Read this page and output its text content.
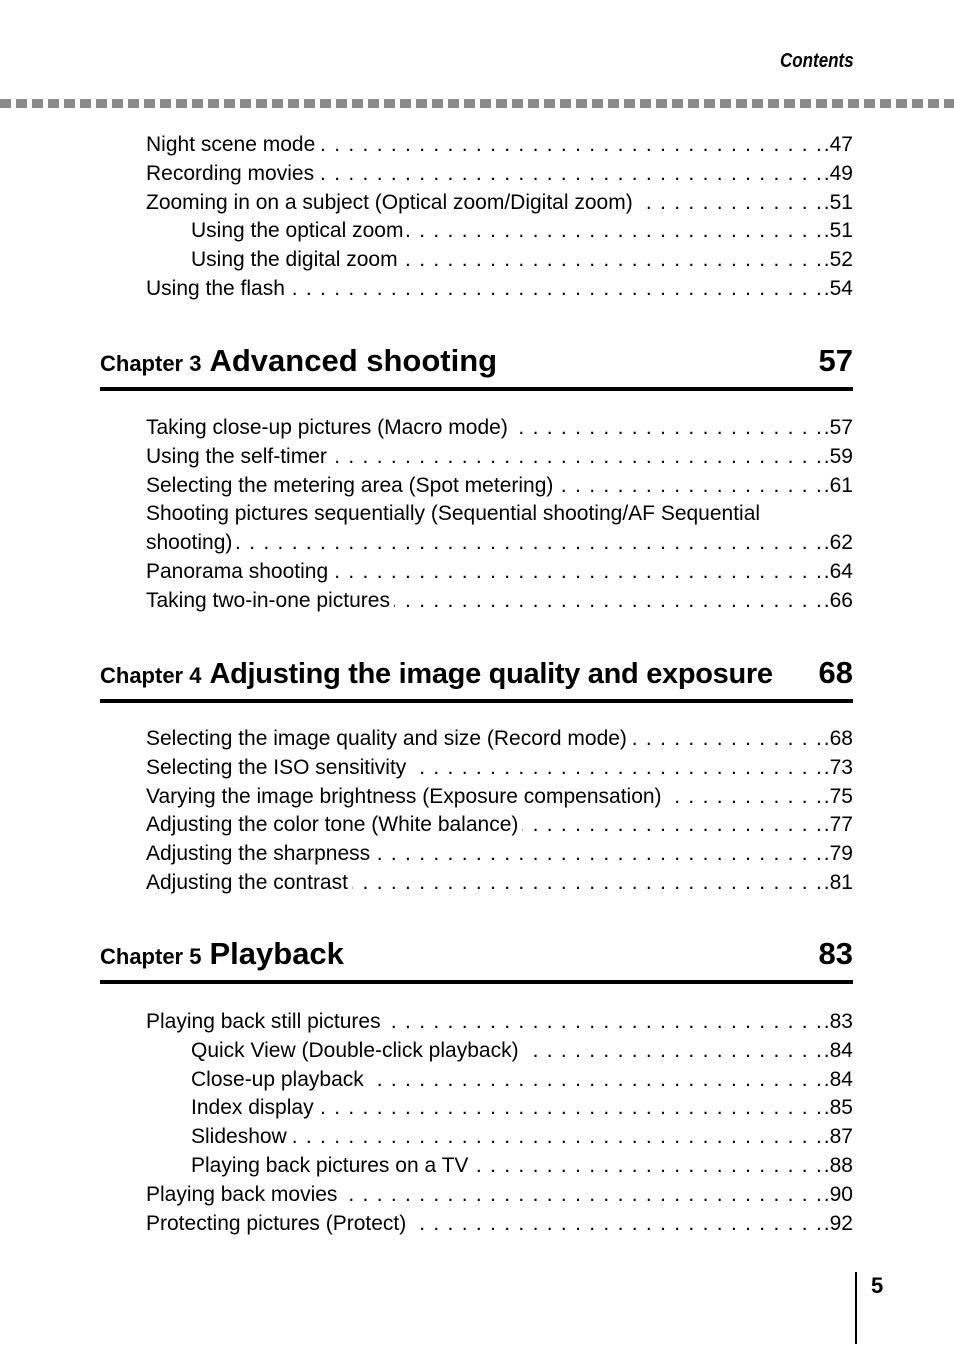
Contents
Night scene mode . . .	.47
Recording movies . . .	.49
Zooming in on a subject (Optical zoom/Digital zoom) . . .	.51
Using the optical zoom . . .	.51
Using the digital zoom . . .	.52
Using the flash . . .	.54
Chapter 3 Advanced shooting	57
Taking close-up pictures (Macro mode) . . .	.57
Using the self-timer . . .	.59
Selecting the metering area (Spot metering) . . .	.61
Shooting pictures sequentially (Sequential shooting/AF Sequential
shooting) . . .	.62
Panorama shooting . . .	.64
Taking two-in-one pictures . . .	.66
Chapter 4 Adjusting the image quality and exposure	68
Selecting the image quality and size (Record mode) . . .	.68
Selecting the ISO sensitivity . . .	.73
Varying the image brightness (Exposure compensation) . . .	.75
Adjusting the color tone (White balance) . . .	.77
Adjusting the sharpness . . .	.79
Adjusting the contrast . . .	.81
Chapter 5 Playback	83
Playing back still pictures . . .	.83
Quick View (Double-click playback) . . .	.84
Close-up playback . . .	.84
Index display . . .	.85
Slideshow . . .	.87
Playing back pictures on a TV . . .	.88
Playing back movies . . .	.90
Protecting pictures (Protect) . . .	.92
5
